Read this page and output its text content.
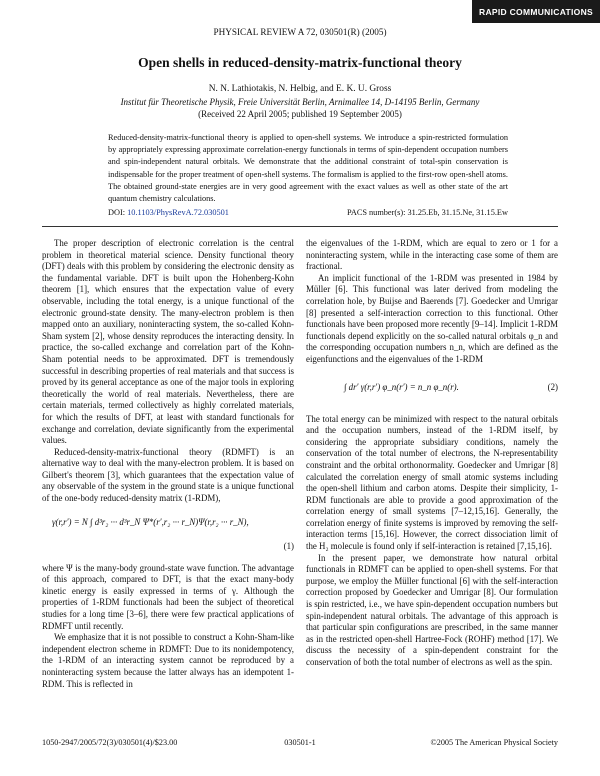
RAPID COMMUNICATIONS
PHYSICAL REVIEW A 72, 030501(R) (2005)
Open shells in reduced-density-matrix-functional theory
N. N. Lathiotakis, N. Helbig, and E. K. U. Gross
Institut für Theoretische Physik, Freie Universität Berlin, Arnimallee 14, D-14195 Berlin, Germany
(Received 22 April 2005; published 19 September 2005)
Reduced-density-matrix-functional theory is applied to open-shell systems. We introduce a spin-restricted formulation by appropriately expressing approximate correlation-energy functionals in terms of spin-dependent occupation numbers and spin-independent natural orbitals. We demonstrate that the additional constraint of total-spin conservation is indispensable for the proper treatment of open-shell systems. The formalism is applied to the first-row open-shell atoms. The obtained ground-state energies are in very good agreement with the exact values as well as other state of the art quantum chemistry calculations.
DOI: 10.1103/PhysRevA.72.030501	PACS number(s): 31.25.Eb, 31.15.Ne, 31.15.Ew

The proper description of electronic correlation is the central problem in theoretical material science. Density functional theory (DFT) deals with this problem by considering the electronic density as the fundamental variable. DFT is built upon the Hohenberg-Kohn theorem [1], which ensures that the expectation value of every observable, including the total energy, is a unique functional of the electronic ground-state density. The many-electron problem is then mapped onto an auxiliary, noninteracting system, the so-called Kohn-Sham system [2], whose density reproduces the interacting density. In practice, the so-called exchange and correlation part of the Kohn-Sham potential needs to be approximated. DFT is tremendously successful in describing properties of real materials and that success is proved by its general acceptance as one of the major tools in exploring theoretically the world of real materials. Nevertheless, there are certain materials, termed collectively as highly correlated materials, for which the results of DFT, at least with standard functionals for exchange and correlation, deviate significantly from the experimental values.

Reduced-density-matrix-functional theory (RDMFT) is an alternative way to deal with the many-electron problem. It is based on Gilbert's theorem [3], which guarantees that the expectation value of any observable of the system in the ground state is a unique functional of the one-body reduced-density matrix (1-RDM),

γ(r,r′) = N ∫ d³r₂ ··· d³r_N Ψ*(r′,r₂ ··· r_N)Ψ(r,r₂ ··· r_N),
(1)

where Ψ is the many-body ground-state wave function. The advantage of this approach, compared to DFT, is that the exact many-body kinetic energy is easily expressed in terms of γ. Although the properties of 1-RDM functionals had been the subject of theoretical studies for a long time [3–6], there were few practical applications of RDMFT until recently.

We emphasize that it is not possible to construct a Kohn-Sham-like independent electron scheme in RDMFT: Due to its nonidempotency, the 1-RDM of an interacting system cannot be reproduced by a noninteracting system because the latter always has an idempotent 1-RDM. This is reflected in

the eigenvalues of the 1-RDM, which are equal to zero or 1 for a noninteracting system, while in the interacting case some of them are fractional.

An implicit functional of the 1-RDM was presented in 1984 by Müller [6]. This functional was later derived from modeling the correlation hole, by Buijse and Baerends [7]. Goedecker and Umrigar [8] presented a self-interaction correction to this functional. Other functionals have been proposed more recently [9–14]. Implicit 1-RDM functionals depend explicitly on the so-called natural orbitals φ_n and the corresponding occupation numbers n_n, which are defined as the eigenfunctions and the eigenvalues of the 1-RDM

∫ dr′ γ(r,r′) φ_n(r′) = n_n φ_n(r).	(2)

The total energy can be minimized with respect to the natural orbitals and the occupation numbers, instead of the 1-RDM itself, by considering the appropriate subsidiary conditions, namely the conservation of the total number of electrons, the N-representability constraint and the orbital orthonormality. Goedecker and Umrigar [8] calculated the correlation energy of small atomic systems including the open-shell lithium and carbon atoms. Despite their simplicity, 1-RDM functionals are able to provide a good approximation of the correlation energy of small systems [7–12,15,16]. Generally, the correlation energy of finite systems is improved by removing the self-interaction terms [15,16]. However, the correct dissociation limit of the H₂ molecule is found only if self-interaction is retained [7,15,16].

In the present paper, we demonstrate how natural orbital functionals in RDMFT can be applied to open-shell systems. For that purpose, we employ the Müller functional [6] with the self-interaction correction proposed by Goedecker and Umrigar [8]. Our formulation is spin restricted, i.e., we have spin-dependent occupation numbers but spin-independent natural orbitals. The advantage of this approach is that particular spin configurations are prescribed, in the same manner as in the restricted open-shell Hartree-Fock (ROHF) method [17]. We discuss the necessity of a spin-dependent constraint for the conservation of both the total number of electrons as well as the spin.

1050-2947/2005/72(3)/030501(4)/$23.00	030501-1	©2005 The American Physical Society
